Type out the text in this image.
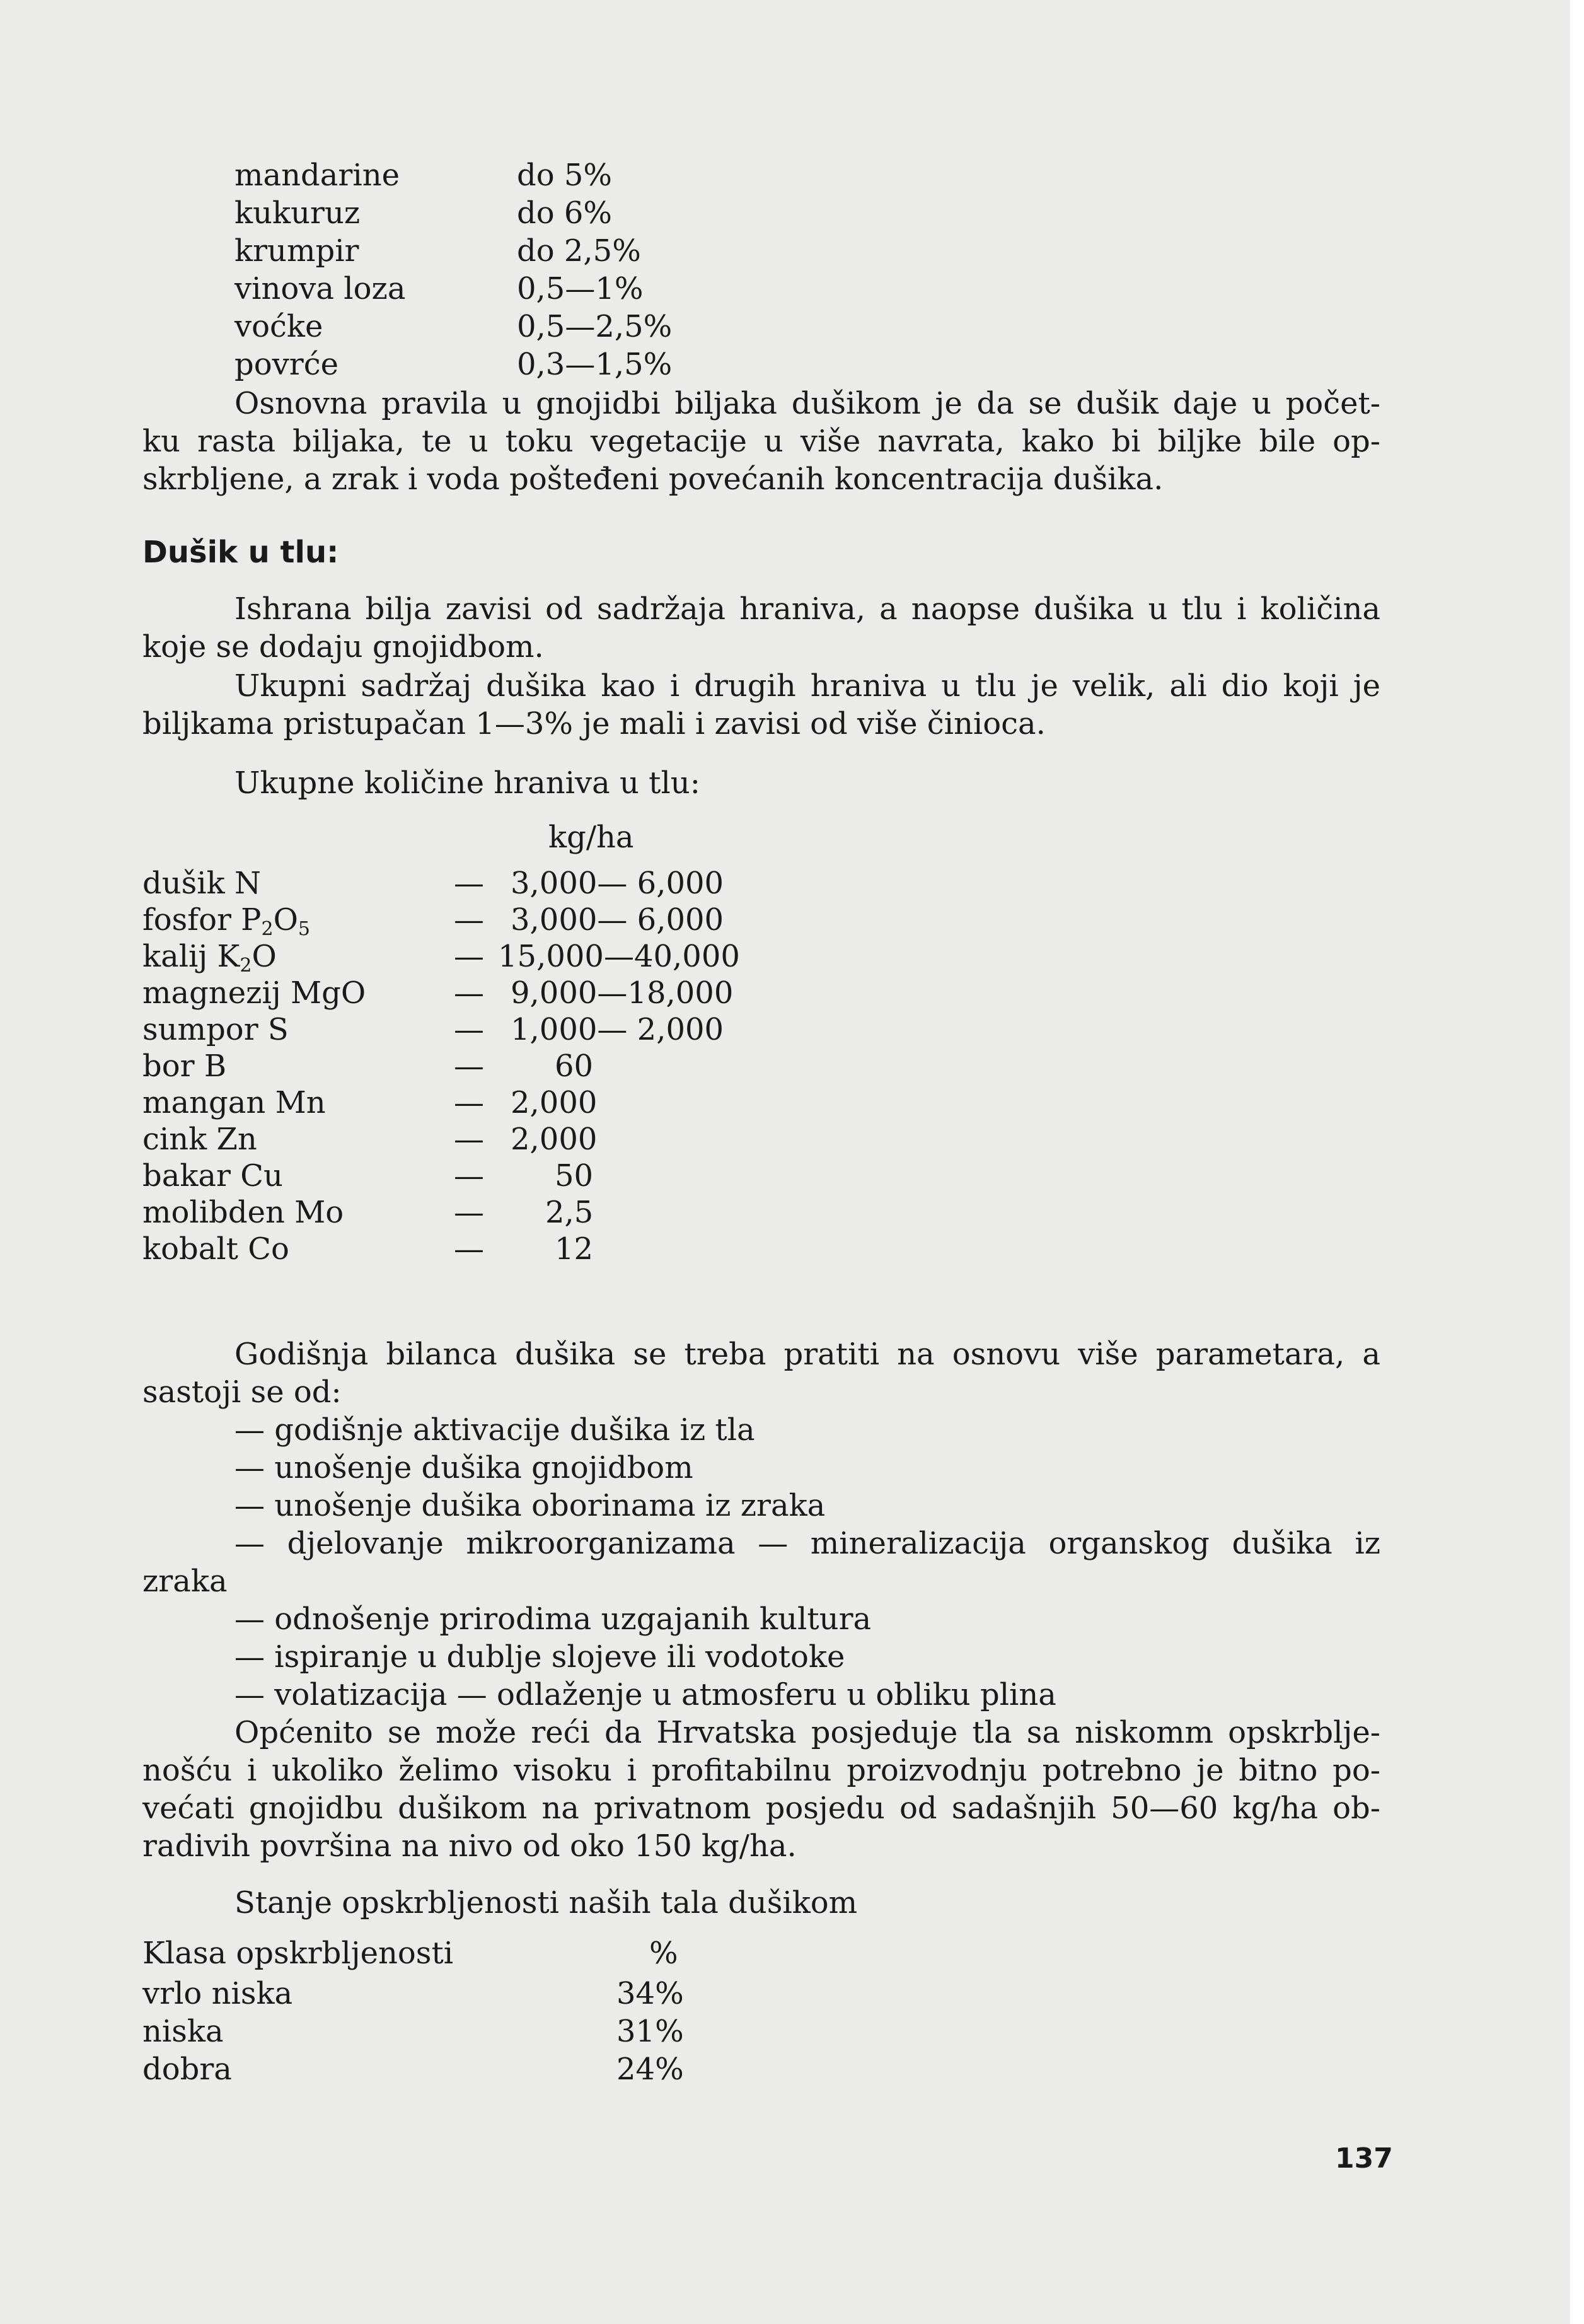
mandarine	do 5%
kukuruz	do 6%
krumpir	do 2,5%
vinova loza	0,5—1%
voćke	0,5—2,5%
povrće	0,3—1,5%
Osnovna pravila u gnojidbi biljaka dušikom je da se dušik daje u počet-
ku rasta biljaka, te u toku vegetacije u više navrata, kako bi biljke bile op-
skrbljene, a zrak i voda pošteđeni povećanih koncentracija dušika.
Dušik u tlu:
Ishrana bilja zavisi od sadržaja hraniva, a naopse dušika u tlu i količina
koje se dodaju gnojidbom.
Ukupni sadržaj dušika kao i drugih hraniva u tlu je velik, ali dio koji je
biljkama pristupačan 1—3% je mali i zavisi od više činioca.
Ukupne količine hraniva u tlu:
kg/ha
dušik N	— 3,000— 6,000
fosfor $P_2O_5$	— 3,000— 6,000
kalij $K_2O$	— 15,000—40,000
magnezij MgO	— 9,000—18,000
sumpor S	— 1,000— 2,000
bor B	— 60
mangan Mn	— 2,000
cink Zn	— 2,000
bakar Cu	— 50
molibden Mo	— 2,5
kobalt Co	— 12
Godišnja bilanca dušika se treba pratiti na osnovu više parametara, a
sastoji se od:
— godišnje aktivacije dušika iz tla
— unošenje dušika gnojidbom
— unošenje dušika oborinama iz zraka
— djelovanje mikroorganizama — mineralizacija organskog dušika iz
zraka
— odnošenje prirodima uzgajanih kultura
— ispiranje u dublje slojeve ili vodotoke
— volatizacija — odlaženje u atmosferu u obliku plina
Općenito se može reći da Hrvatska posjeduje tla sa niskomm opskrblje-
nošću i ukoliko želimo visoku i profitabilnu proizvodnju potrebno je bitno po-
većati gnojidbu dušikom na privatnom posjedu od sadašnjih 50—60 kg/ha ob-
radivih površina na nivo od oko 150 kg/ha.
Stanje opskrbljenosti naših tala dušikom
Klasa opskrbljenosti	%
vrlo niska	34%
niska	31%
dobra	24%
137
